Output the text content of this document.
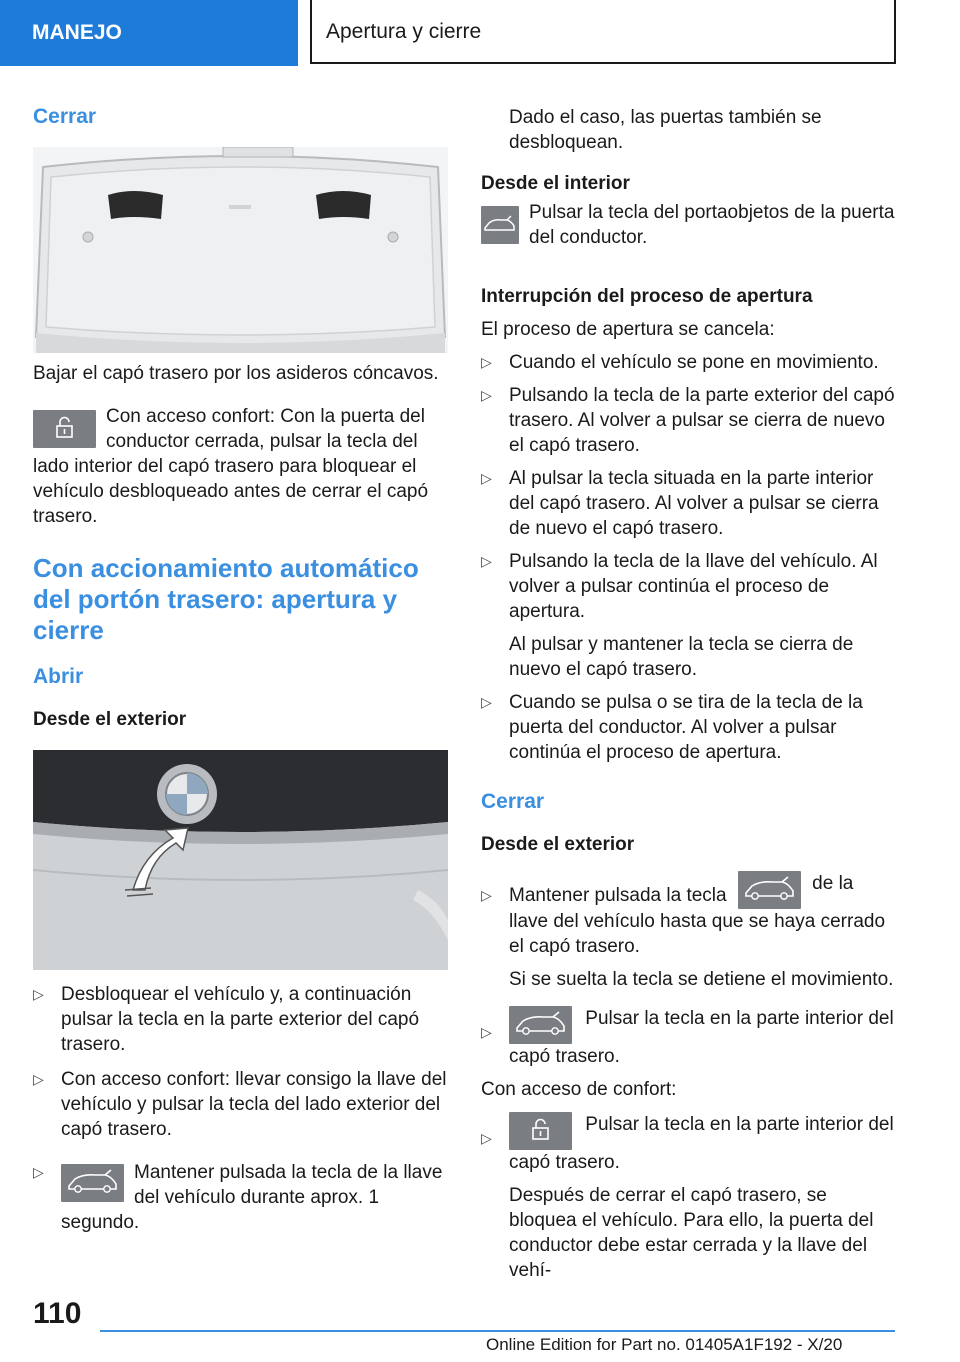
MANEJO	Apertura y cierre

Cerrar

Bajar el capó trasero por los asideros cóncavos.

Con acceso confort: Con la puerta del conductor cerrada, pulsar la tecla del lado interior del capó trasero para bloquear el vehículo desbloqueado antes de cerrar el capó trasero.

Con accionamiento automático del portón trasero: apertura y cierre

Abrir

Desde el exterior

▷ Desbloquear el vehículo y, a continuación pulsar la tecla en la parte exterior del capó trasero.
▷ Con acceso confort: llevar consigo la llave del vehículo y pulsar la tecla del lado exterior del capó trasero.
▷	Mantener pulsada la tecla de la llave del vehículo durante aprox. 1 segundo.

Dado el caso, las puertas también se desbloquean.

Desde el interior

Pulsar la tecla del portaobjetos de la puerta del conductor.

Interrupción del proceso de apertura

El proceso de apertura se cancela:

▷ Cuando el vehículo se pone en movimiento.
▷ Pulsando la tecla de la parte exterior del capó trasero. Al volver a pulsar se cierra de nuevo el capó trasero.
▷ Al pulsar la tecla situada en la parte interior del capó trasero. Al volver a pulsar se cierra de nuevo el capó trasero.
▷ Pulsando la tecla de la llave del vehículo. Al volver a pulsar continúa el proceso de apertura.

Al pulsar y mantener la tecla se cierra de nuevo el capó trasero.

▷ Cuando se pulsa o se tira de la tecla de la puerta del conductor. Al volver a pulsar continúa el proceso de apertura.

Cerrar

Desde el exterior

▷ Mantener pulsada la tecla
de la llave del vehículo hasta que se haya cerrado el capó trasero.

Si se suelta la tecla se detiene el movimiento.

▷
Pulsar la tecla en la parte interior del capó trasero.

Con acceso de confort:

▷
Pulsar la tecla en la parte interior del capó trasero.

Después de cerrar el capó trasero, se bloquea el vehículo. Para ello, la puerta del conductor debe estar cerrada y la llave del vehí-

110
Online Edition for Part no. 01405A1F192 - X/20
